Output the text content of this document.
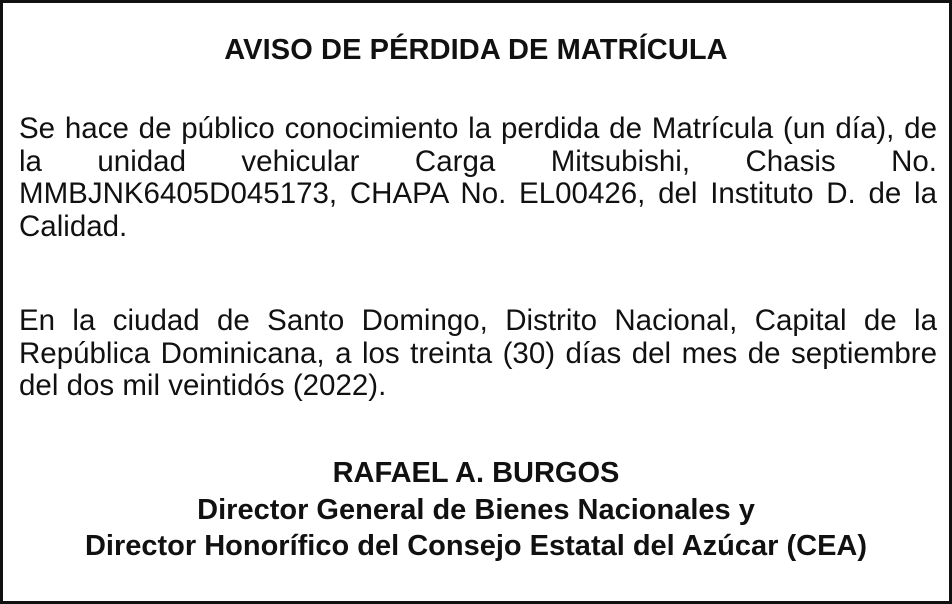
AVISO DE PÉRDIDA DE MATRÍCULA

Se hace de público conocimiento la perdida de Matrícula (un día), de la unidad vehicular Carga Mitsubishi, Chasis No. MMBJNK6405D045173, CHAPA No. EL00426, del Instituto D. de la Calidad.

En la ciudad de Santo Domingo, Distrito Nacional, Capital de la República Dominicana, a los treinta (30) días del mes de septiembre del dos mil veintidós (2022).

RAFAEL A. BURGOS
Director General de Bienes Nacionales y
Director Honorífico del Consejo Estatal del Azúcar (CEA)
